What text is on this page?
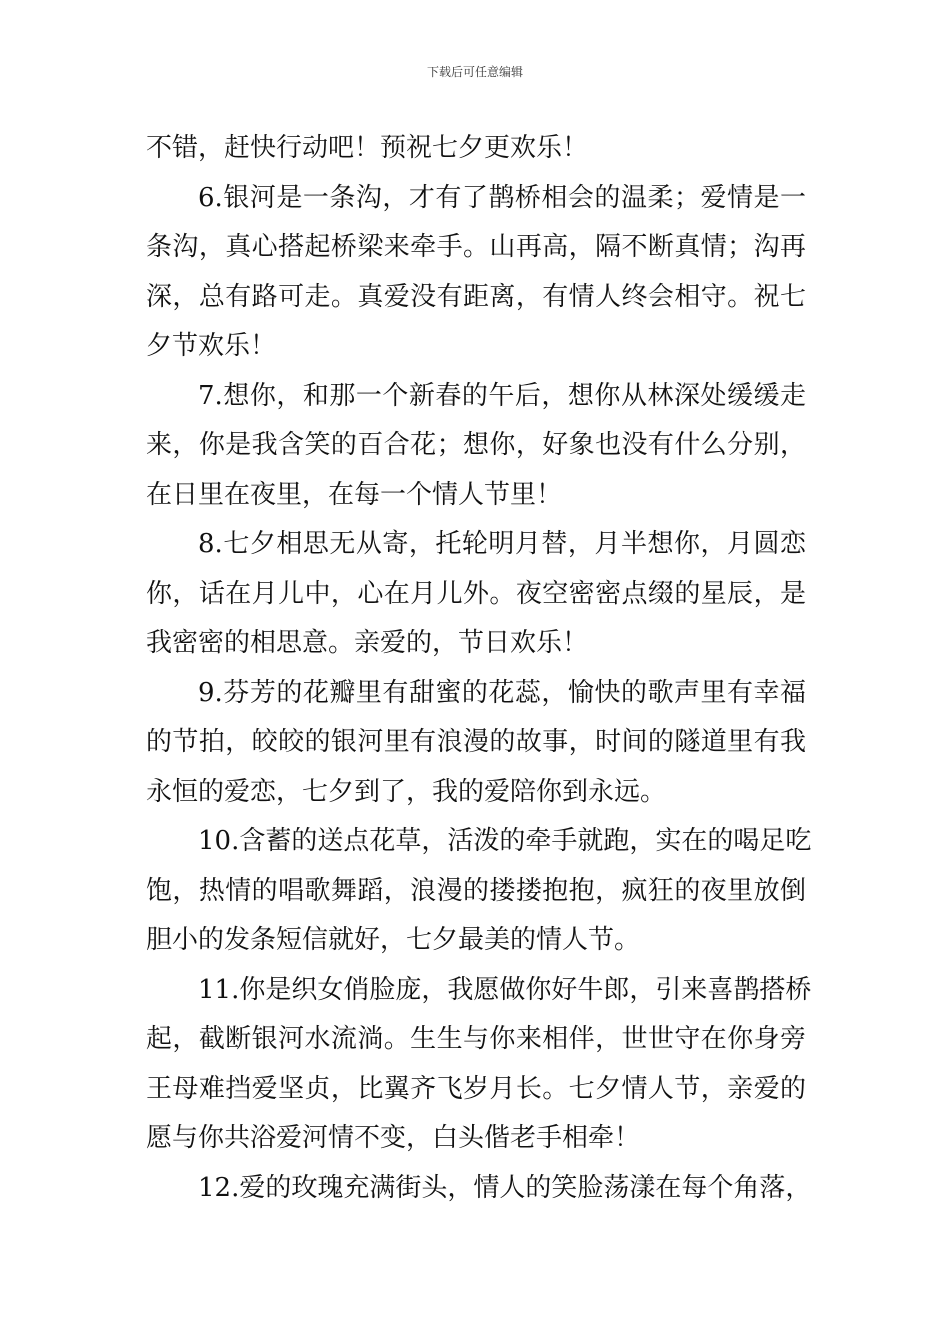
下载后可任意编辑

不错，赶快行动吧！预祝七夕更欢乐！

6.银河是一条沟，才有了鹊桥相会的温柔；爱情是一
条沟，真心搭起桥梁来牵手。山再高，隔不断真情；沟再
深，总有路可走。真爱没有距离，有情人终会相守。祝七
夕节欢乐！

7.想你，和那一个新春的午后，想你从林深处缓缓走
来，你是我含笑的百合花；想你，好象也没有什么分别，
在日里在夜里，在每一个情人节里！

8.七夕相思无从寄，托轮明月替，月半想你，月圆恋
你，话在月儿中，心在月儿外。夜空密密点缀的星辰，是
我密密的相思意。亲爱的，节日欢乐！

9.芬芳的花瓣里有甜蜜的花蕊，愉快的歌声里有幸福
的节拍，皎皎的银河里有浪漫的故事，时间的隧道里有我
永恒的爱恋，七夕到了，我的爱陪你到永远。

10.含蓄的送点花草，活泼的牵手就跑，实在的喝足吃
饱，热情的唱歌舞蹈，浪漫的搂搂抱抱，疯狂的夜里放倒
胆小的发条短信就好，七夕最美的情人节。

11.你是织女俏脸庞，我愿做你好牛郎，引来喜鹊搭桥
起，截断银河水流淌。生生与你来相伴，世世守在你身旁
王母难挡爱坚贞，比翼齐飞岁月长。七夕情人节，亲爱的
愿与你共浴爱河情不变，白头偕老手相牵！

12.爱的玫瑰充满街头，情人的笑脸荡漾在每个角落，
